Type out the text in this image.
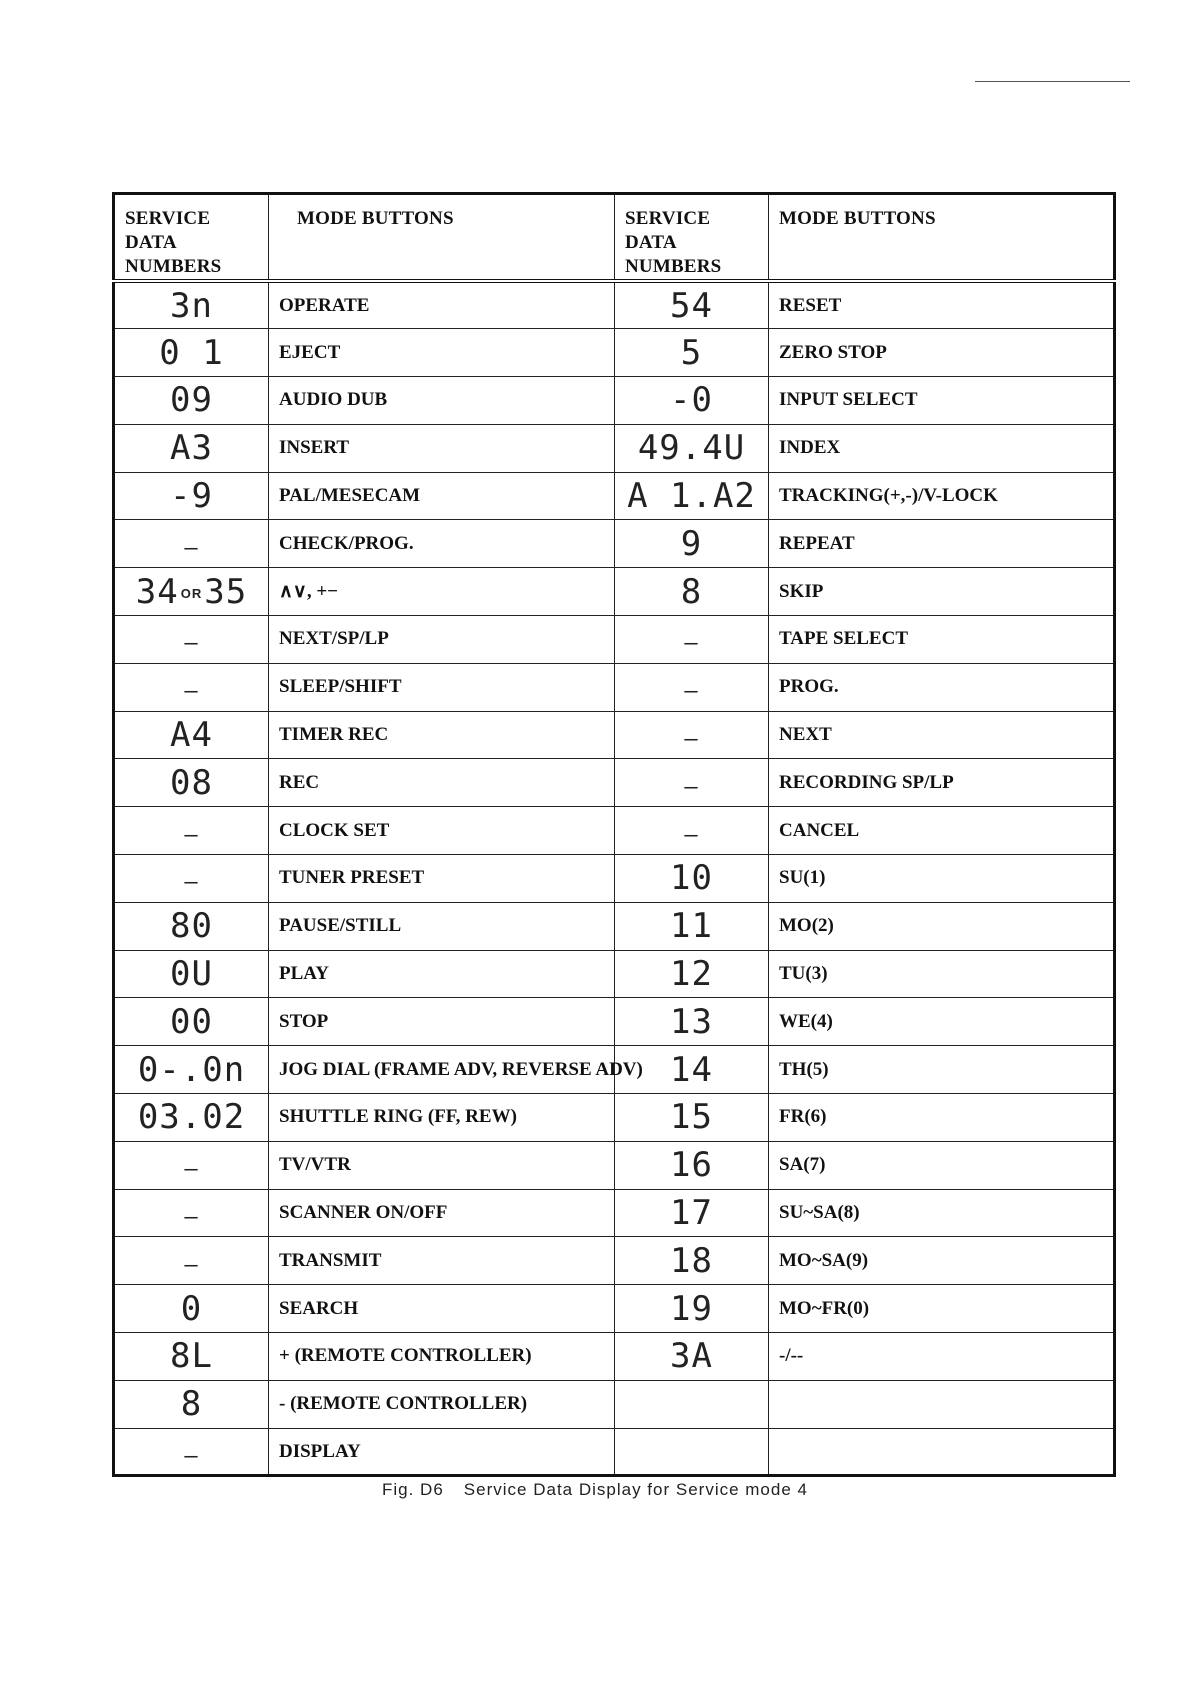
SERVICE DATA
NUMBERS	MODE BUTTONS	SERVICE DATA
NUMBERS	MODE BUTTONS
3n	OPERATE	54	RESET
0 1	EJECT	5	ZERO STOP
09	AUDIO DUB	-0	INPUT SELECT
A3	INSERT	49.4U	INDEX
-9	PAL/MESECAM	A 1.A2	TRACKING(+,-)/V-LOCK
—	CHECK/PROG.	9	REPEAT
34 OR35	∧∨, +−	8	SKIP
—	NEXT/SP/LP	—	TAPE SELECT
—	SLEEP/SHIFT	—	PROG.
A4	TIMER REC	—	NEXT
08	REC	—	RECORDING SP/LP
—	CLOCK SET	—	CANCEL
—	TUNER PRESET	10	SU(1)
80	PAUSE/STILL	11	MO(2)
0U	PLAY	12	TU(3)
00	STOP	13	WE(4)
0-.0n	JOG DIAL (FRAME ADV, REVERSE ADV)	14	TH(5)
03.02	SHUTTLE RING (FF, REW)	15	FR(6)
—	TV/VTR	16	SA(7)
—	SCANNER ON/OFF	17	SU~SA(8)
—	TRANSMIT	18	MO~SA(9)
0	SEARCH	19	MO~FR(0)
8L	+ (REMOTE CONTROLLER)	3A	-/--
8	- (REMOTE CONTROLLER)		
—	DISPLAY		
Fig. D6 Service Data Display for Service mode 4
